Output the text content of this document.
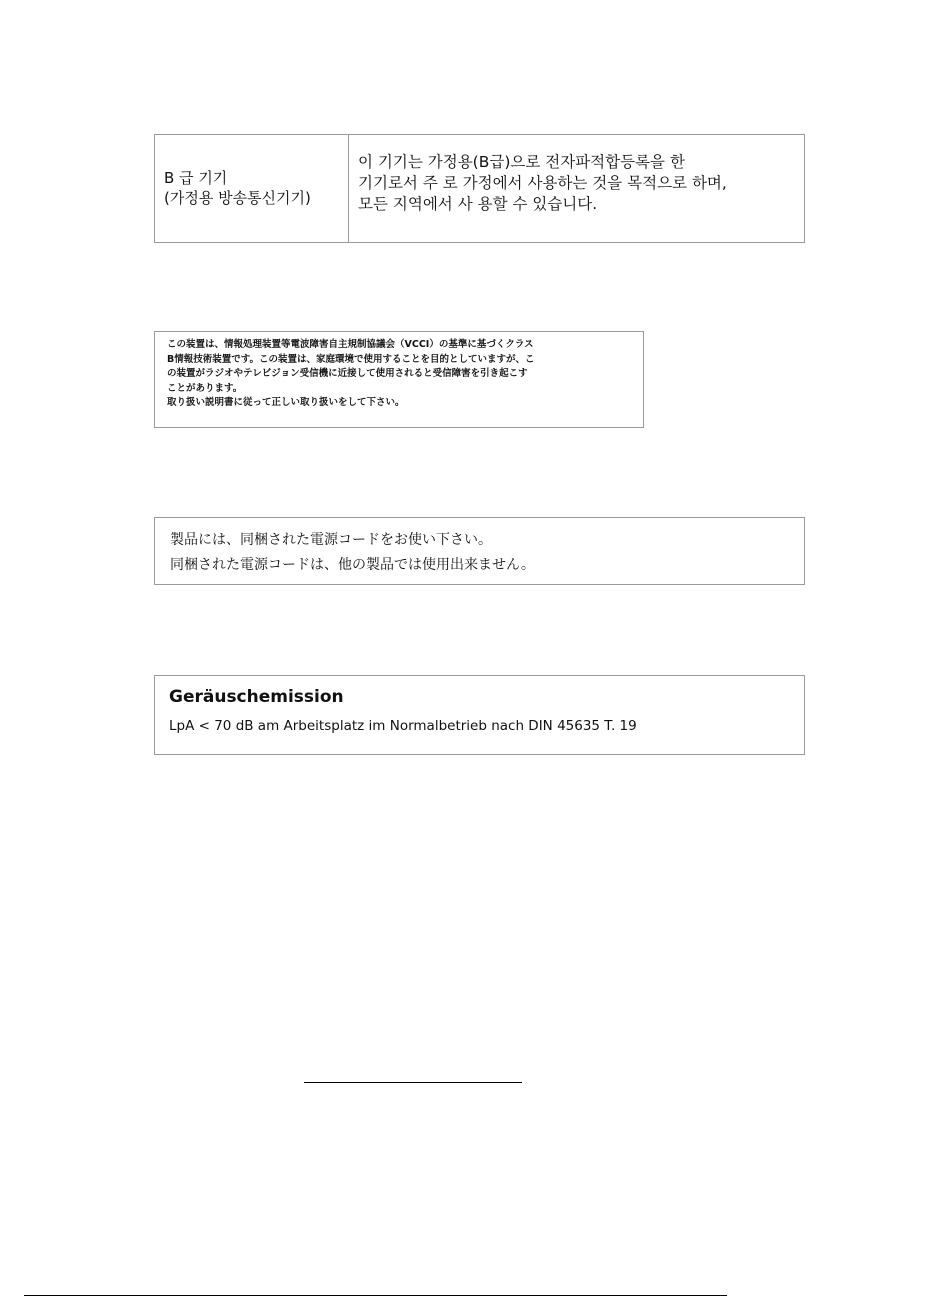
B 급 기기
(가정용 방송통신기기)
이 기기는 가정용(B급)으로 전자파적합등록을 한
기기로서 주 로 가정에서 사용하는 것을 목적으로 하며,
모든 지역에서 사 용할 수 있습니다.

この装置は、情報処理装置等電波障害自主規制協議会（VCCI）の基準に基づくクラス
B情報技術装置です。この装置は、家庭環境で使用することを目的としていますが、こ
の装置がラジオやテレビジョン受信機に近接して使用されると受信障害を引き起こす
ことがあります。

取り扱い説明書に従って正しい取り扱いをして下さい。

製品には、同梱された電源コードをお使い下さい。
同梱された電源コードは、他の製品では使用出来ません。
Geräuschemission
LpA < 70 dB am Arbeitsplatz im Normalbetrieb nach DIN 45635 T. 19
